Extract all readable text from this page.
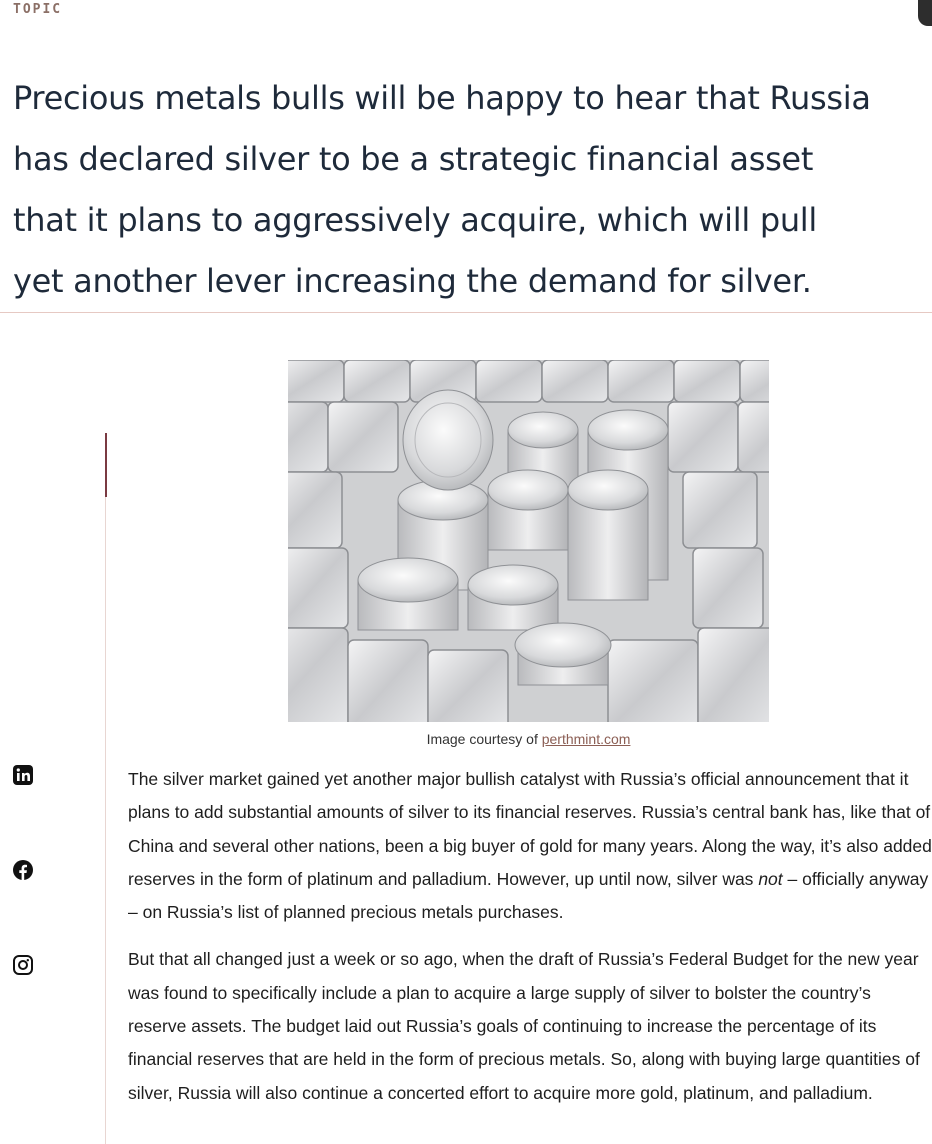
TOPIC
Precious metals bulls will be happy to hear that Russia has declared silver to be a strategic financial asset that it plans to aggressively acquire, which will pull yet another lever increasing the demand for silver.
Image courtesy of perthmint.com

The silver market gained yet another major bullish catalyst with Russia’s official announcement that it plans to add substantial amounts of silver to its financial reserves. Russia’s central bank has, like that of China and several other nations, been a big buyer of gold for many years. Along the way, it’s also added reserves in the form of platinum and palladium. However, up until now, silver was not – officially anyway – on Russia’s list of planned precious metals purchases.

But that all changed just a week or so ago, when the draft of Russia’s Federal Budget for the new year was found to specifically include a plan to acquire a large supply of silver to bolster the country’s reserve assets. The budget laid out Russia’s goals of continuing to increase the percentage of its financial reserves that are held in the form of precious metals. So, along with buying large quantities of silver, Russia will also continue a concerted effort to acquire more gold, platinum, and palladium.
